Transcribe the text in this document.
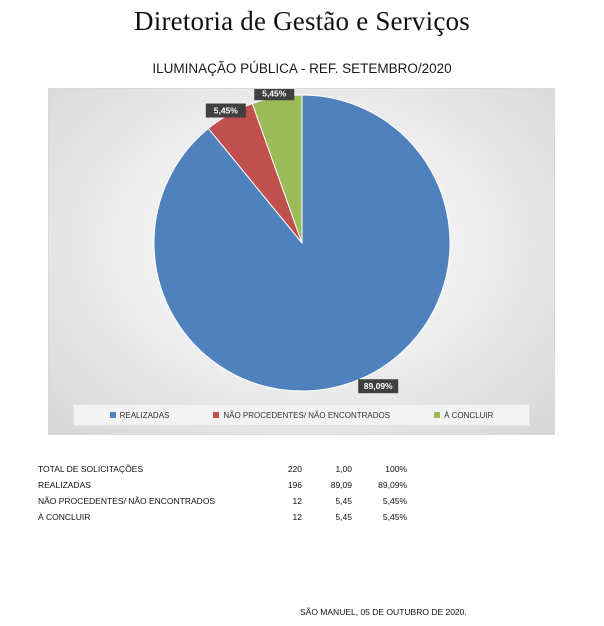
Diretoria de Gestão e Serviços
ILUMINAÇÃO PÚBLICA - REF. SETEMBRO/2020
89,09%
5,45%
5,45%
REALIZADAS	NÃO PROCEDENTES/ NÃO ENCONTRADOS	À CONCLUIR
TOTAL DE SOLICITAÇÕES	220	1,00	100%
REALIZADAS	196	89,09	89,09%
NÃO PROCEDENTES/ NÃO ENCONTRADOS	12	5,45	5,45%
À CONCLUIR	12	5,45	5,45%
SÃO MANUEL, 05 DE OUTUBRO DE 2020.
